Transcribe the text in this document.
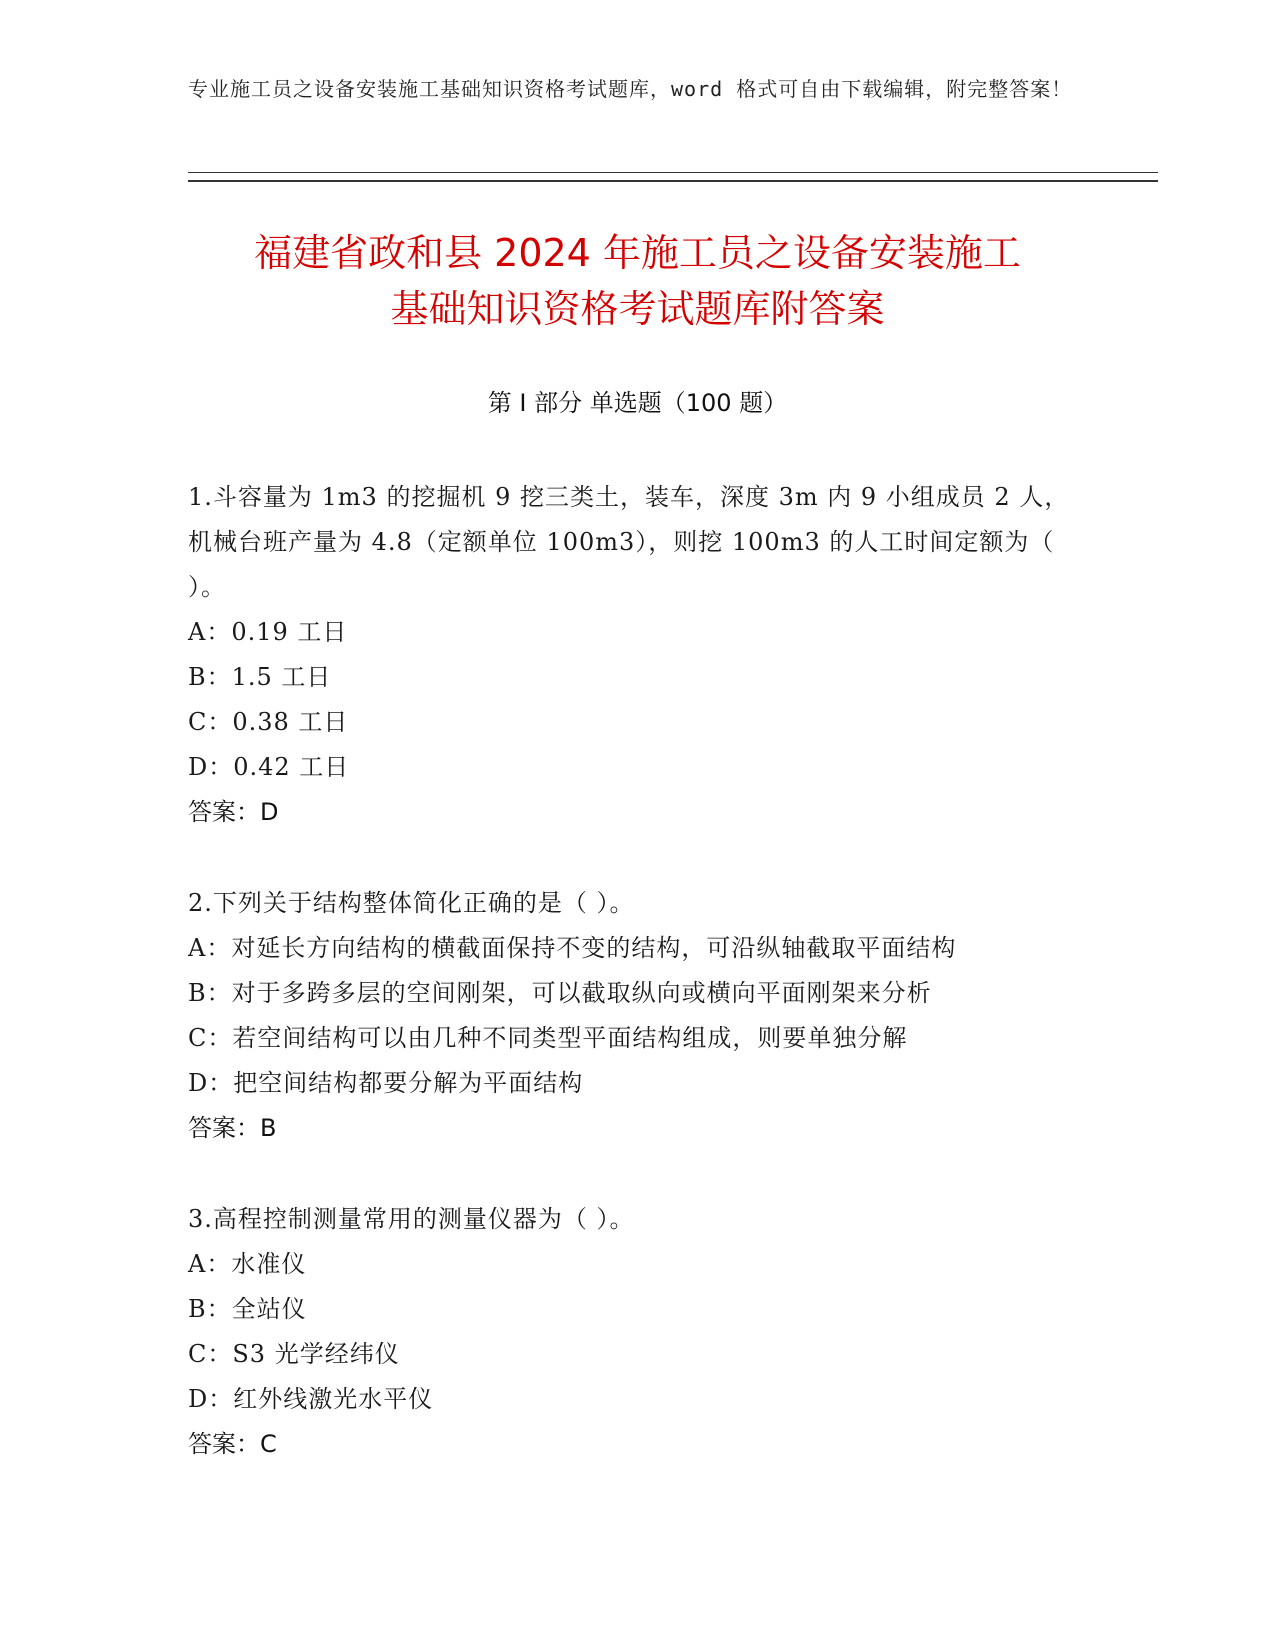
专业施工员之设备安装施工基础知识资格考试题库，word 格式可自由下载编辑，附完整答案！
福建省政和县 2024 年施工员之设备安装施工
基础知识资格考试题库附答案
第 I 部分 单选题（100 题）
1.斗容量为 1m3 的挖掘机 9 挖三类土，装车，深度 3m 内 9 小组成员 2 人，机械台班产量为 4.8（定额单位 100m3），则挖 100m3 的人工时间定额为（ ）。
A：0.19 工日
B：1.5 工日
C：0.38 工日
D：0.42 工日
答案：D
2.下列关于结构整体简化正确的是（ ）。
A：对延长方向结构的横截面保持不变的结构，可沿纵轴截取平面结构
B：对于多跨多层的空间刚架，可以截取纵向或横向平面刚架来分析
C：若空间结构可以由几种不同类型平面结构组成，则要单独分解
D：把空间结构都要分解为平面结构
答案：B
3.高程控制测量常用的测量仪器为（ ）。
A：水准仪
B：全站仪
C：S3 光学经纬仪
D：红外线激光水平仪
答案：C
